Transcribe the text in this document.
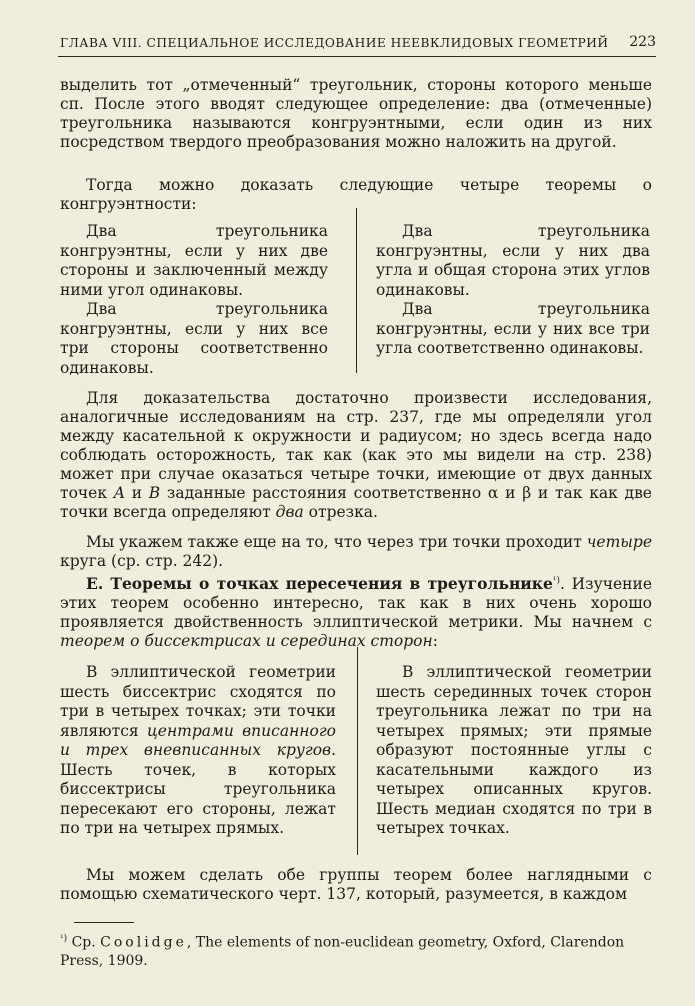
ГЛАВА VIII. СПЕЦИАЛЬНОЕ ИССЛЕДОВАНИЕ НЕЕВКЛИДОВЫХ ГЕОМЕТРИЙ 223
выделить тот „отмеченный“ треугольник, стороны которого меньше cπ. После этого вводят следующее определение: два (отмеченные) треугольника называются конгруэнтными, если один из них посредством твердого преобразования можно наложить на другой.
Тогда можно доказать следующие четыре теоремы о конгруэнтности:
Два треугольника конгруэнтны, если у них две стороны и заключенный между ними угол одинаковы.
Два треугольника конгруэнтны, если у них все три стороны соответственно одинаковы.
Два треугольника конгруэнтны, если у них два угла и общая сторона этих углов одинаковы.
Два треугольника конгруэнтны, если у них все три угла соответственно одинаковы.
Для доказательства достаточно произвести исследования, аналогичные исследованиям на стр. 237, где мы определяли угол между касательной к окружности и радиусом; но здесь всегда надо соблюдать осторожность, так как (как это мы видели на стр. 238) может при случае оказаться четыре точки, имеющие от двух данных точек A и B заданные расстояния соответственно α и β и так как две точки всегда определяют два отрезка.
Мы укажем также еще на то, что через три точки проходит четыре круга (ср. стр. 242).
Е. Теоремы о точках пересечения в треугольнике$^{^1)}$. Изучение этих теорем особенно интересно, так как в них очень хорошо проявляется двойственность эллиптической метрики. Мы начнем с теорем о биссектрисах и серединах сторон:
В эллиптической геометрии шесть биссектрис сходятся по три в четырех точках; эти точки являются центрами вписанного и трех вневписанных кругов. Шесть точек, в которых биссектрисы треугольника пересекают его стороны, лежат по три на четырех прямых.
В эллиптической геометрии шесть серединных точек сторон треугольника лежат по три на четырех прямых; эти прямые образуют постоянные углы с касательными каждого из четырех описанных кругов. Шесть медиан сходятся по три в четырех точках.
Мы можем сделать обе группы теорем более наглядными с помощью схематического черт. 137, который, разумеется, в каждом
$^{^1)}$ Cp. Coolidge, The elements of non-euclidean geometry, Oxford, Clarendon Press, 1909.
